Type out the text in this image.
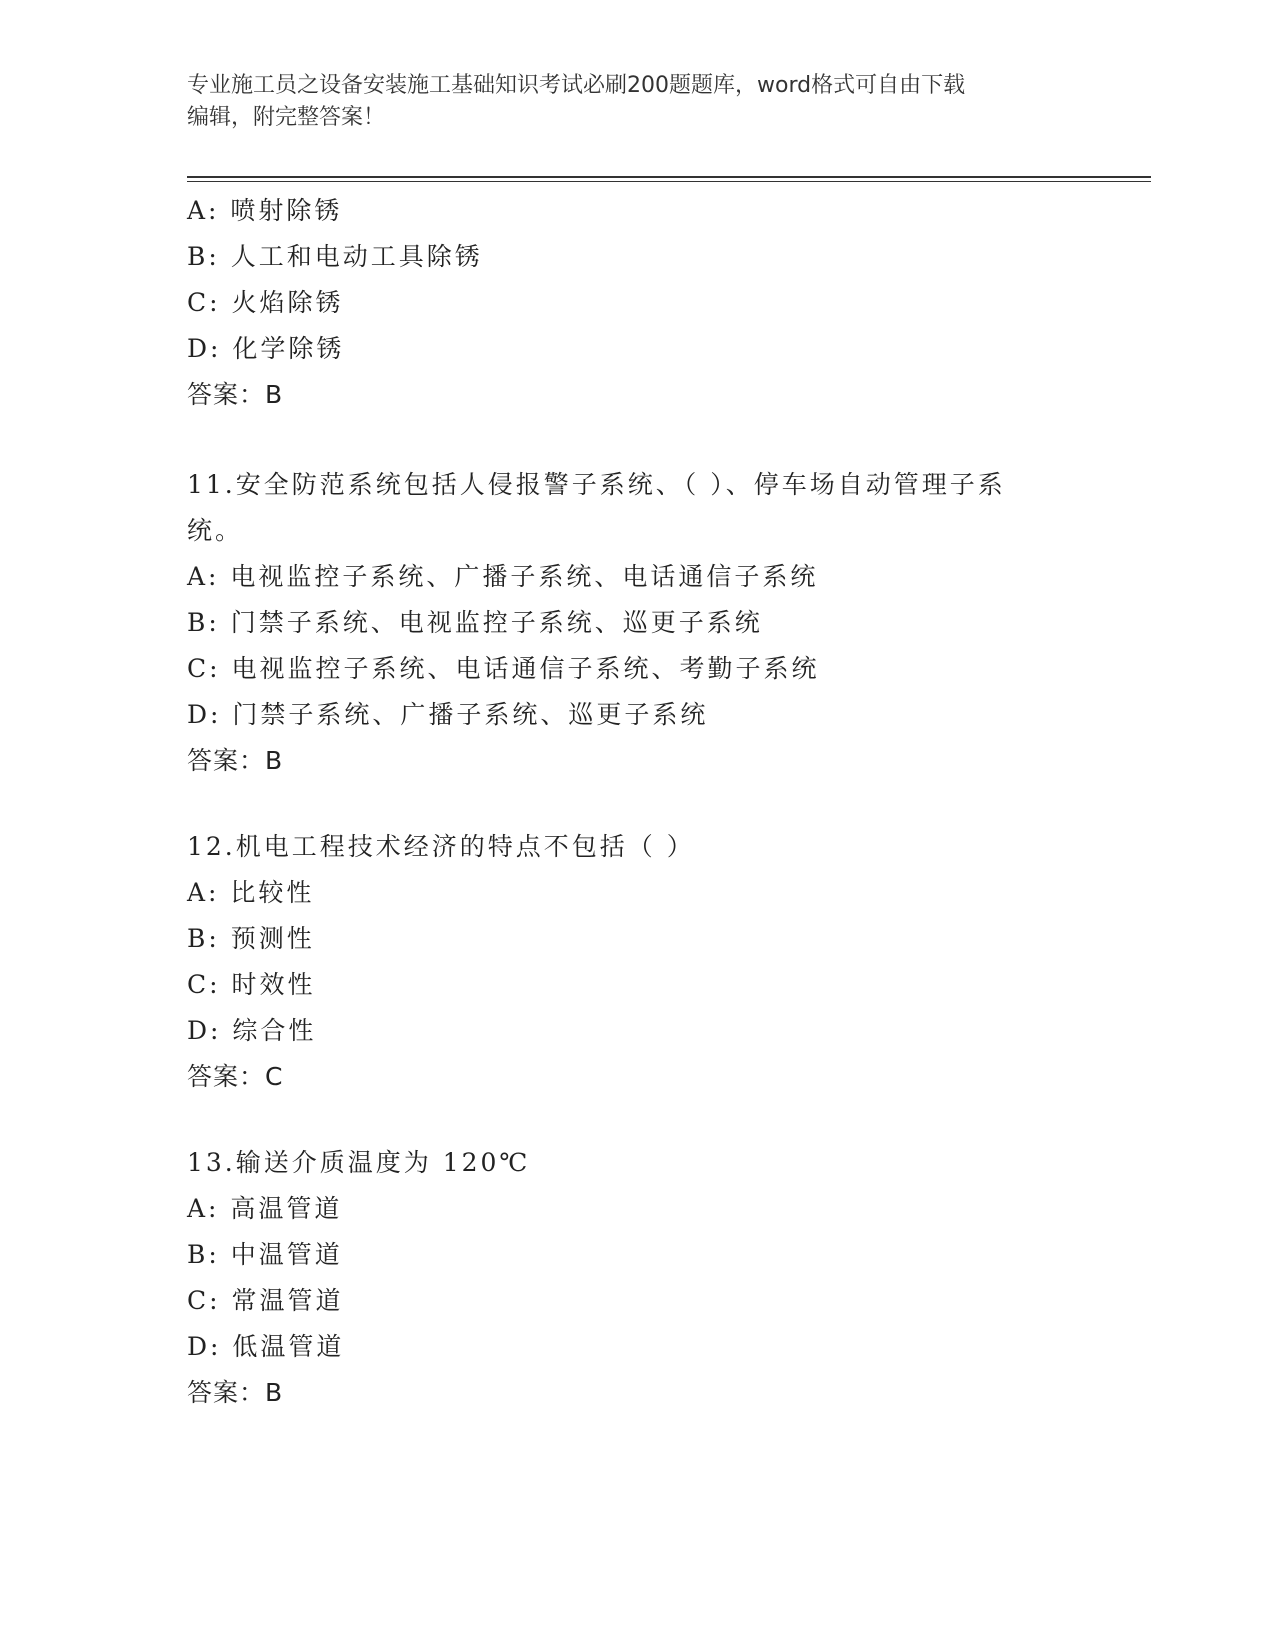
专业施工员之设备安装施工基础知识考试必刷200题题库，word格式可自由下载
编辑，附完整答案！
A: 喷射除锈
B: 人工和电动工具除锈
C: 火焰除锈
D: 化学除锈
答案：B
11.安全防范系统包括人侵报警子系统、（ ）、停车场自动管理子系
统。
A: 电视监控子系统、广播子系统、电话通信子系统
B: 门禁子系统、电视监控子系统、巡更子系统
C: 电视监控子系统、电话通信子系统、考勤子系统
D: 门禁子系统、广播子系统、巡更子系统
答案：B
12.机电工程技术经济的特点不包括（ ）
A: 比较性
B: 预测性
C: 时效性
D: 综合性
答案：C
13.输送介质温度为 120℃
A: 高温管道
B: 中温管道
C: 常温管道
D: 低温管道
答案：B
